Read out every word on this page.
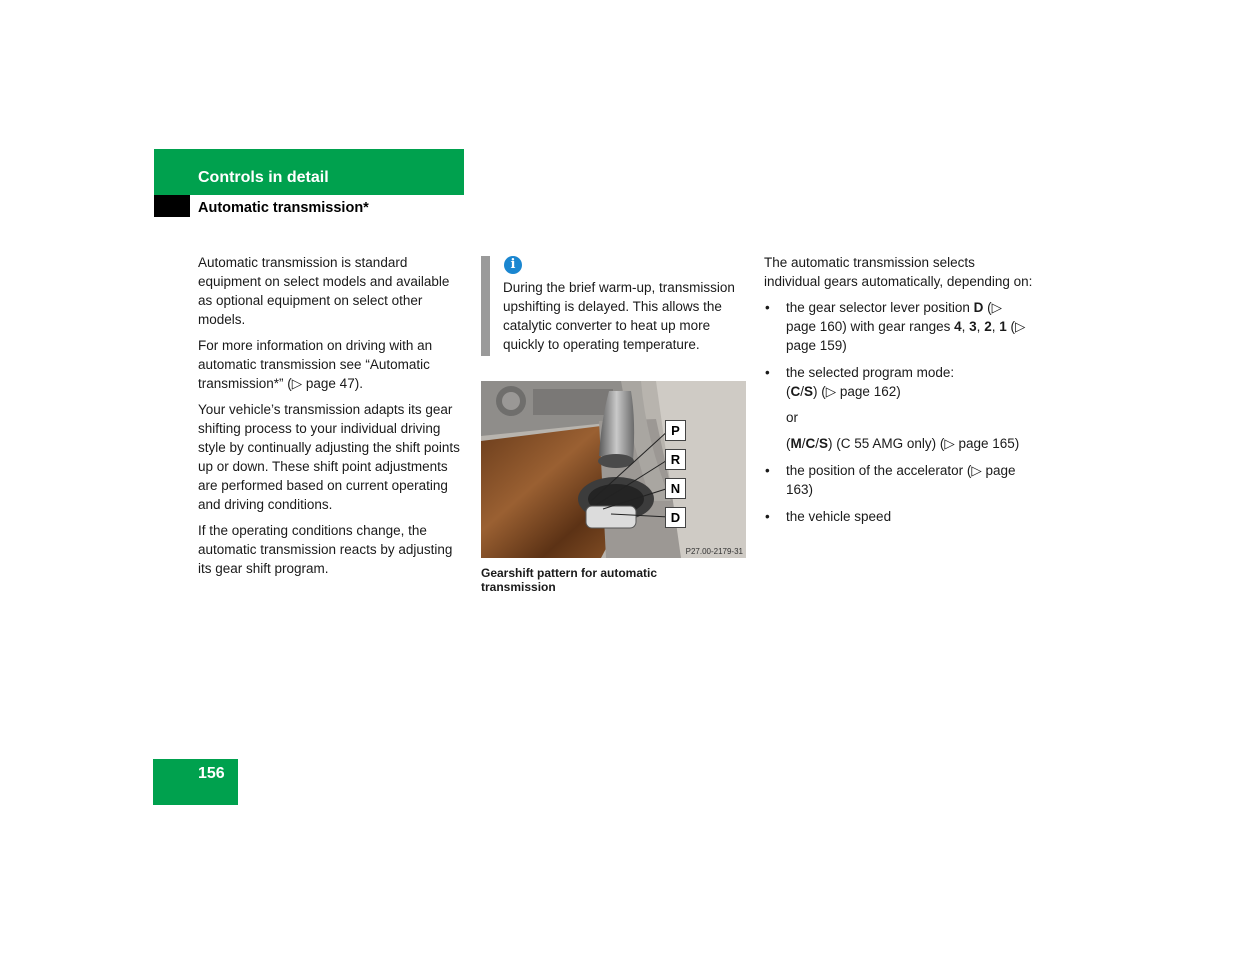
Controls in detail
Automatic transmission*

Automatic transmission is standard equipment on select models and available as optional equipment on select other models.

For more information on driving with an automatic transmission see “Automatic transmission*” (▷ page 47).

Your vehicle’s transmission adapts its gear shifting process to your individual driving style by continually adjusting the shift points up or down. These shift point adjustments are performed based on current operating and driving conditions.

If the operating conditions change, the automatic transmission reacts by adjusting its gear shift program.

i
During the brief warm-up, transmission upshifting is delayed. This allows the catalytic converter to heat up more quickly to operating temperature.
P
R
N
D
P27.00-2179-31
Gearshift pattern for automatic transmission

The automatic transmission selects individual gears automatically, depending on:

• the gear selector lever position D (▷ page 160) with gear ranges 4, 3, 2, 1 (▷ page 159)
• the selected program mode:

(C/S) (▷ page 162)

or

(M/C/S) (C 55 AMG only) (▷ page 165)

• the position of the accelerator (▷ page 163)
• the vehicle speed
156
